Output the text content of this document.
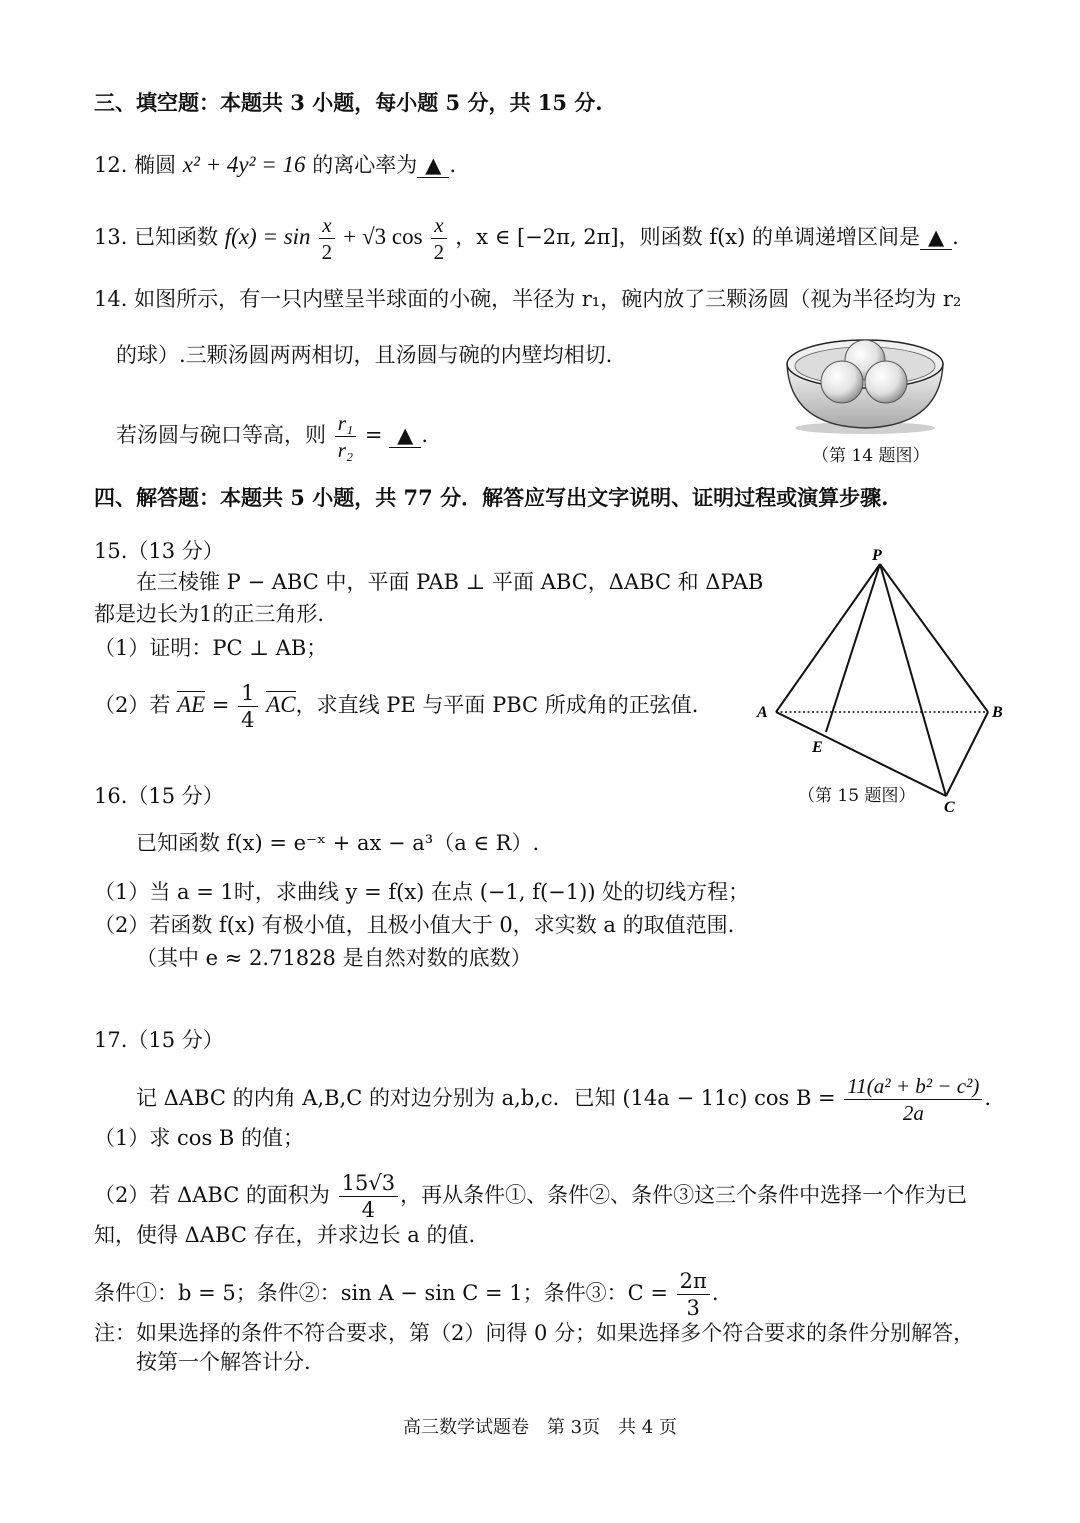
三、填空题：本题共 3 小题，每小题 5 分，共 15 分.
12. 椭圆 x² + 4y² = 16 的离心率为 ▲ .
13. 已知函数 $f(x) = \sin \frac{x}{2} + √3$ $\cos \frac{x}{2}$ ，x ∈ [−2π, 2π]，则函数 f(x) 的单调递增区间是 ▲ .
14. 如图所示，有一只内壁呈半球面的小碗，半径为 r₁，碗内放了三颗汤圆（视为半径均为 r₂
的球）.三颗汤圆两两相切，且汤圆与碗的内壁均相切.
若汤圆与碗口等高，则 $\frac{\text{r₁}}{\text{r₂}}$ = ▲ .
（第 14 题图）
四、解答题：本题共 5 小题，共 77 分．解答应写出文字说明、证明过程或演算步骤.
15.（13 分）
在三棱锥 P − ABC 中，平面 PAB ⊥ 平面 ABC，ΔABC 和 ΔPAB
都是边长为1的正三角形.
（1）证明：PC ⊥ AB；
（2）若 AE = $\frac{1}{4}$ AC，求直线 PE 与平面 PBC 所成角的正弦值.
P
A	B
C
E
（第 15 题图）
16.（15 分）
已知函数 f(x) = e⁻ˣ + ax − a³（a ∈ R）.
（1）当 a = 1时，求曲线 y = f(x) 在点 (−1, f(−1)) 处的切线方程；
（2）若函数 f(x) 有极小值，且极小值大于 0，求实数 a 的取值范围.
（其中 e ≈ 2.71828 是自然对数的底数）
17.（15 分）
记 ΔABC 的内角 A,B,C 的对边分别为 a,b,c．已知 (14a − 11c) $\cos B = \frac{\text{11(a² + b² − c²)}}{2a}$ .
（1）求 cos B 的值；
（2）若 ΔABC 的面积为 $\frac{15√3}{4}$ ，再从条件①、条件②、条件③这三个条件中选择一个作为已
知，使得 ΔABC 存在，并求边长 a 的值.
条件①：b = 5；条件②：sin A − sin C = 1；条件③：$C = \frac{2\pi}{3}$ .
注：如果选择的条件不符合要求，第（2）问得 0 分；如果选择多个符合要求的条件分别解答，
按第一个解答计分.
高三数学试题卷　第 3页　共 4 页
